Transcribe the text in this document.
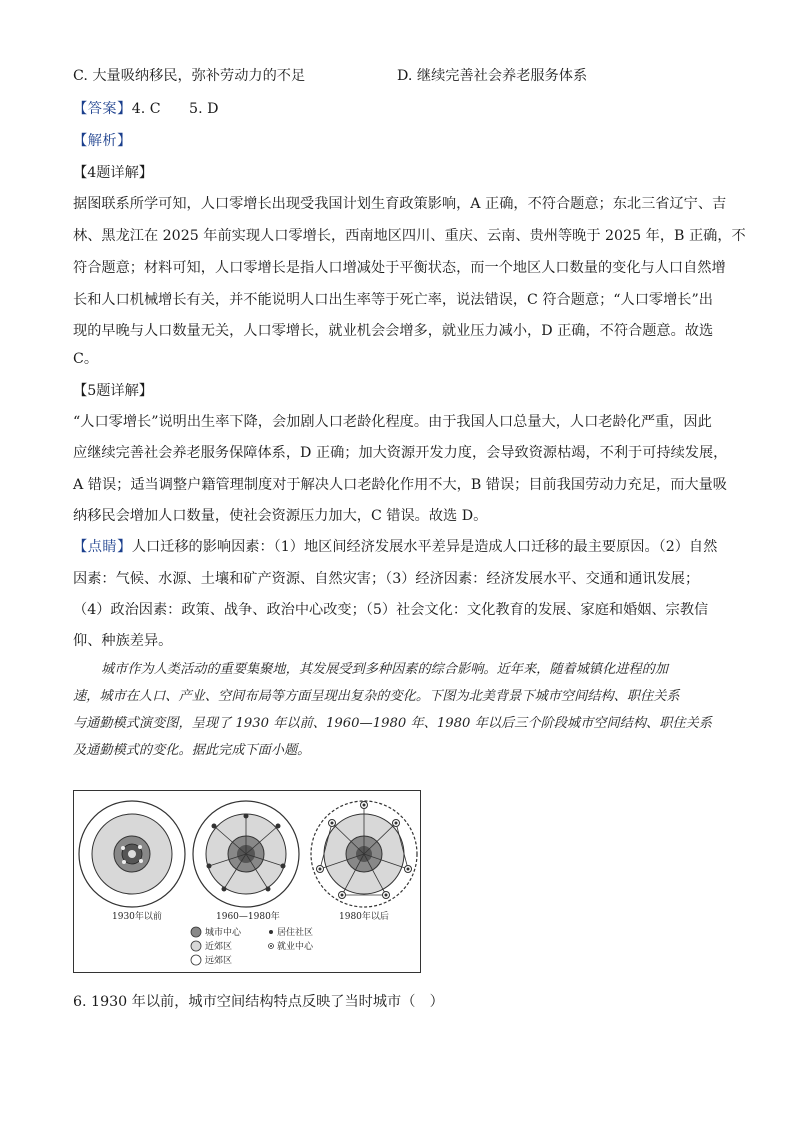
C. 大量吸纳移民，弥补劳动力的不足	D. 继续完善社会养老服务体系
【答案】4. C　　5. D
【解析】
【4题详解】
据图联系所学可知，人口零增长出现受我国计划生育政策影响，A 正确，不符合题意；东北三省辽宁、吉
林、黑龙江在 2025 年前实现人口零增长，西南地区四川、重庆、云南、贵州等晚于 2025 年，B 正确，不
符合题意；材料可知，人口零增长是指人口增减处于平衡状态，而一个地区人口数量的变化与人口自然增
长和人口机械增长有关，并不能说明人口出生率等于死亡率，说法错误，C 符合题意；“人口零增长”出
现的早晚与人口数量无关，人口零增长，就业机会会增多，就业压力减小，D 正确，不符合题意。故选
C。
【5题详解】
“人口零增长”说明出生率下降，会加剧人口老龄化程度。由于我国人口总量大，人口老龄化严重，因此
应继续完善社会养老服务保障体系，D 正确；加大资源开发力度，会导致资源枯竭，不利于可持续发展，
A 错误；适当调整户籍管理制度对于解决人口老龄化作用不大，B 错误；目前我国劳动力充足，而大量吸
纳移民会增加人口数量，使社会资源压力加大，C 错误。故选 D。
【点睛】人口迁移的影响因素：（1）地区间经济发展水平差异是造成人口迁移的最主要原因。（2）自然
因素：气候、水源、土壤和矿产资源、自然灾害；（3）经济因素：经济发展水平、交通和通讯发展；
（4）政治因素：政策、战争、政治中心改变；（5）社会文化：文化教育的发展、家庭和婚姻、宗教信
仰、种族差异。
城市作为人类活动的重要集聚地，其发展受到多种因素的综合影响。近年来，随着城镇化进程的加
速，城市在人口、产业、空间布局等方面呈现出复杂的变化。下图为北美背景下城市空间结构、职住关系
与通勤模式演变图，呈现了 1930 年以前、1960—1980 年、1980 年以后三个阶段城市空间结构、职住关系
及通勤模式的变化。据此完成下面小题。
1930年以前	1960—1980年	1980年以后
城市中心	居住社区
近郊区	就业中心
远郊区
6. 1930 年以前，城市空间结构特点反映了当时城市（　）
